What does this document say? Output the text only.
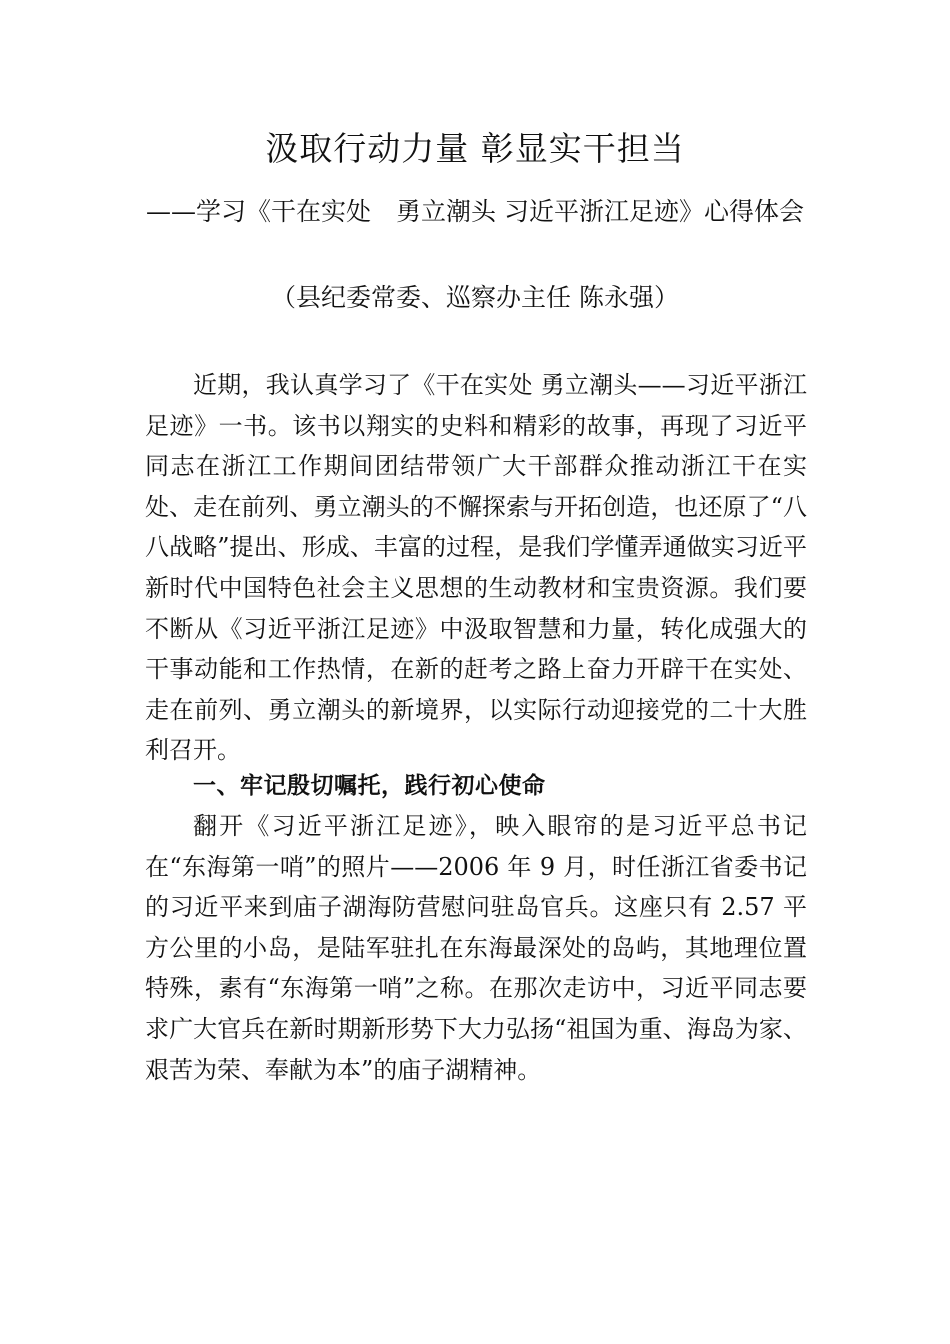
汲取行动力量 彰显实干担当
——学习《干在实处　勇立潮头 习近平浙江足迹》心得体会
（县纪委常委、巡察办主任 陈永强）

近期，我认真学习了《干在实处 勇立潮头——习近平浙江足迹》一书。该书以翔实的史料和精彩的故事，再现了习近平同志在浙江工作期间团结带领广大干部群众推动浙江干在实处、走在前列、勇立潮头的不懈探索与开拓创造，也还原了“八八战略”提出、形成、丰富的过程，是我们学懂弄通做实习近平新时代中国特色社会主义思想的生动教材和宝贵资源。我们要不断从《习近平浙江足迹》中汲取智慧和力量，转化成强大的干事动能和工作热情，在新的赶考之路上奋力开辟干在实处、走在前列、勇立潮头的新境界，以实际行动迎接党的二十大胜利召开。

一、牢记殷切嘱托，践行初心使命

翻开《习近平浙江足迹》，映入眼帘的是习近平总书记在“东海第一哨”的照片——2006 年 9 月，时任浙江省委书记的习近平来到庙子湖海防营慰问驻岛官兵。这座只有 2.57 平方公里的小岛，是陆军驻扎在东海最深处的岛屿，其地理位置特殊，素有“东海第一哨”之称。在那次走访中，习近平同志要求广大官兵在新时期新形势下大力弘扬“祖国为重、海岛为家、艰苦为荣、奉献为本”的庙子湖精神。
